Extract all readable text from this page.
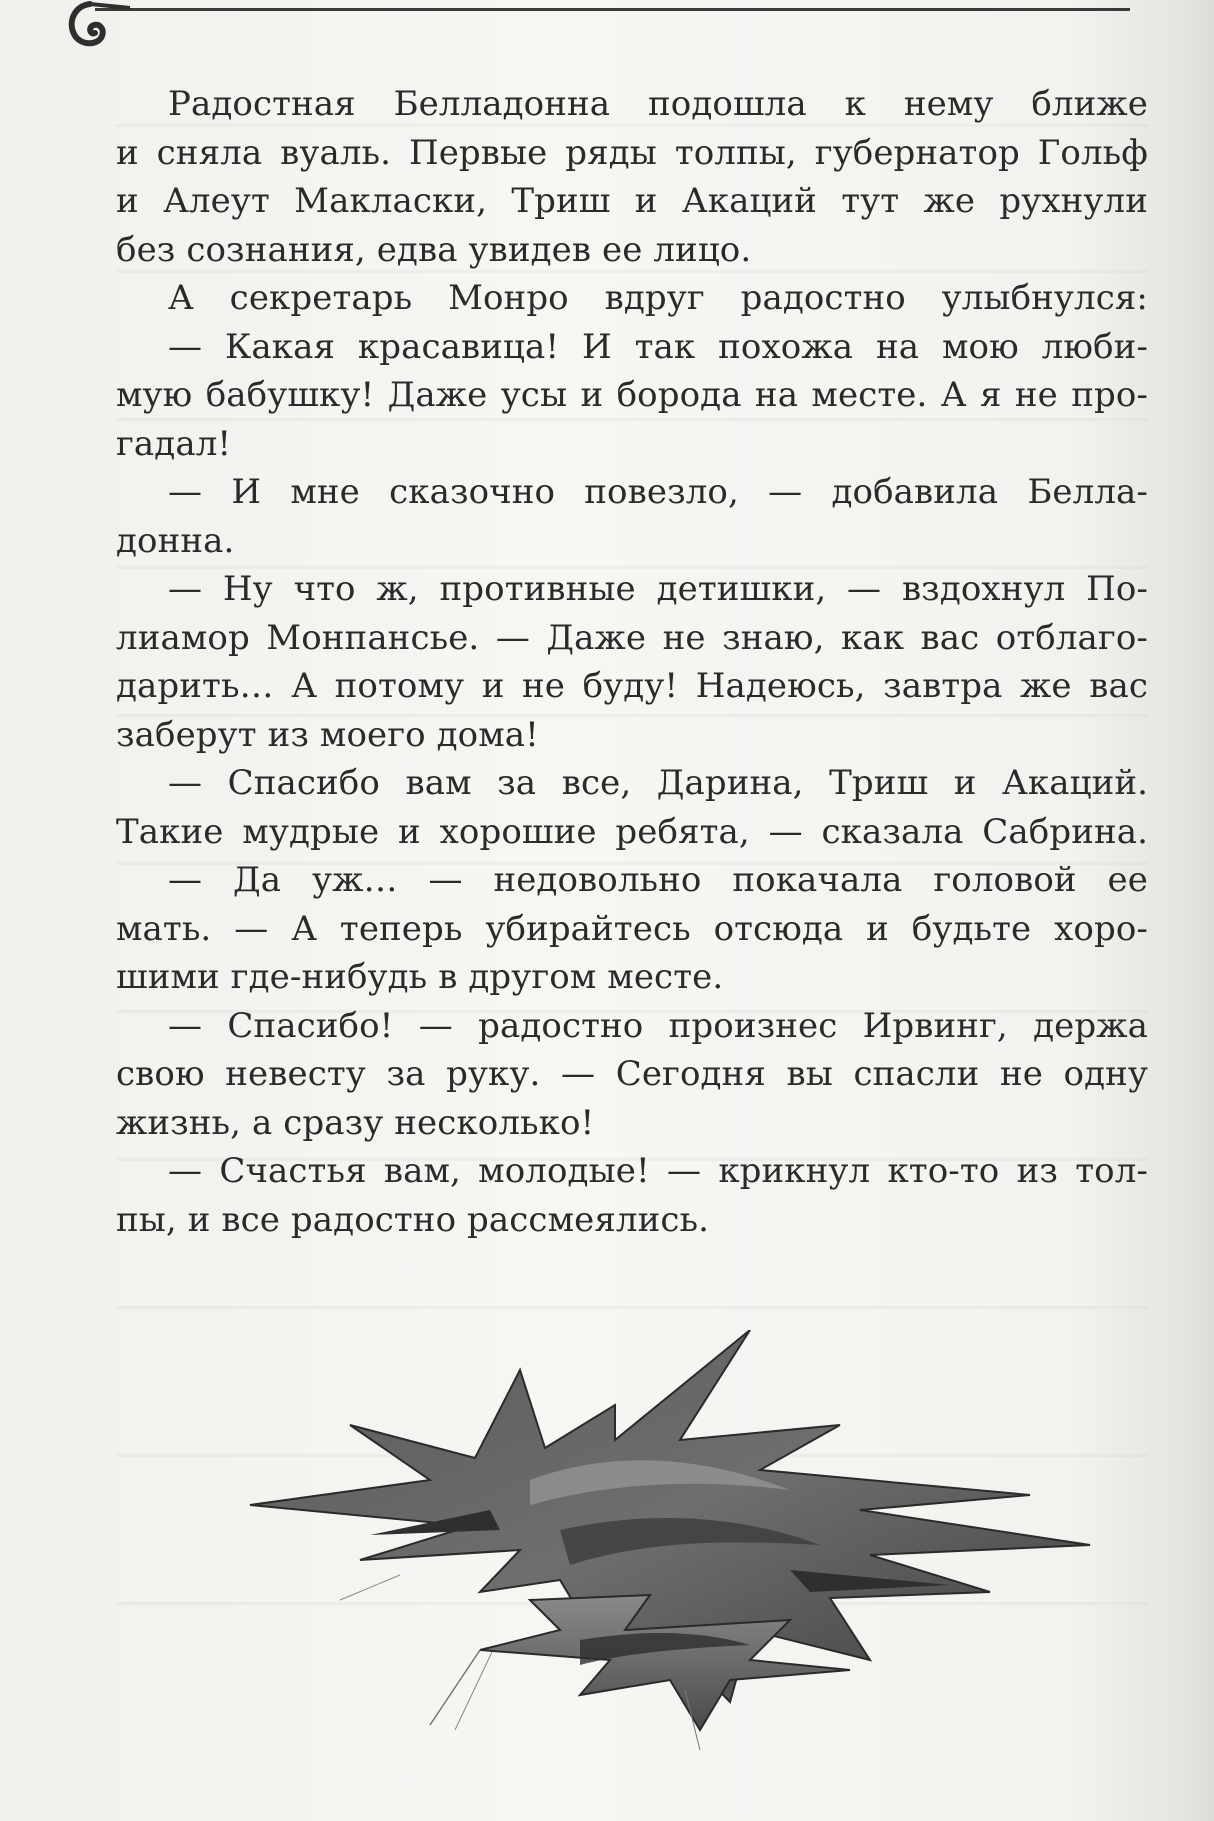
Радостная Белладонна подошла к нему ближе
и сняла вуаль. Первые ряды толпы, губернатор Гольф
и Алеут Макласки, Триш и Акаций тут же рухнули
без сознания, едва увидев ее лицо.
А секретарь Монро вдруг радостно улыбнулся:
— Какая красавица! И так похожа на мою люби-
мую бабушку! Даже усы и борода на месте. А я не про-
гадал!
— И мне сказочно повезло, — добавила Белла-
донна.
— Ну что ж, противные детишки, — вздохнул По-
лиамор Монпансье. — Даже не знаю, как вас отблаго-
дарить… А потому и не буду! Надеюсь, завтра же вас
заберут из моего дома!
— Спасибо вам за все, Дарина, Триш и Акаций.
Такие мудрые и хорошие ребята, — сказала Сабрина.
— Да уж… — недовольно покачала головой ее
мать. — А теперь убирайтесь отсюда и будьте хоро-
шими где-нибудь в другом месте.
— Спасибо! — радостно произнес Ирвинг, держа
свою невесту за руку. — Сегодня вы спасли не одну
жизнь, а сразу несколько!
— Счастья вам, молодые! — крикнул кто-то из тол-
пы, и все радостно рассмеялись.
